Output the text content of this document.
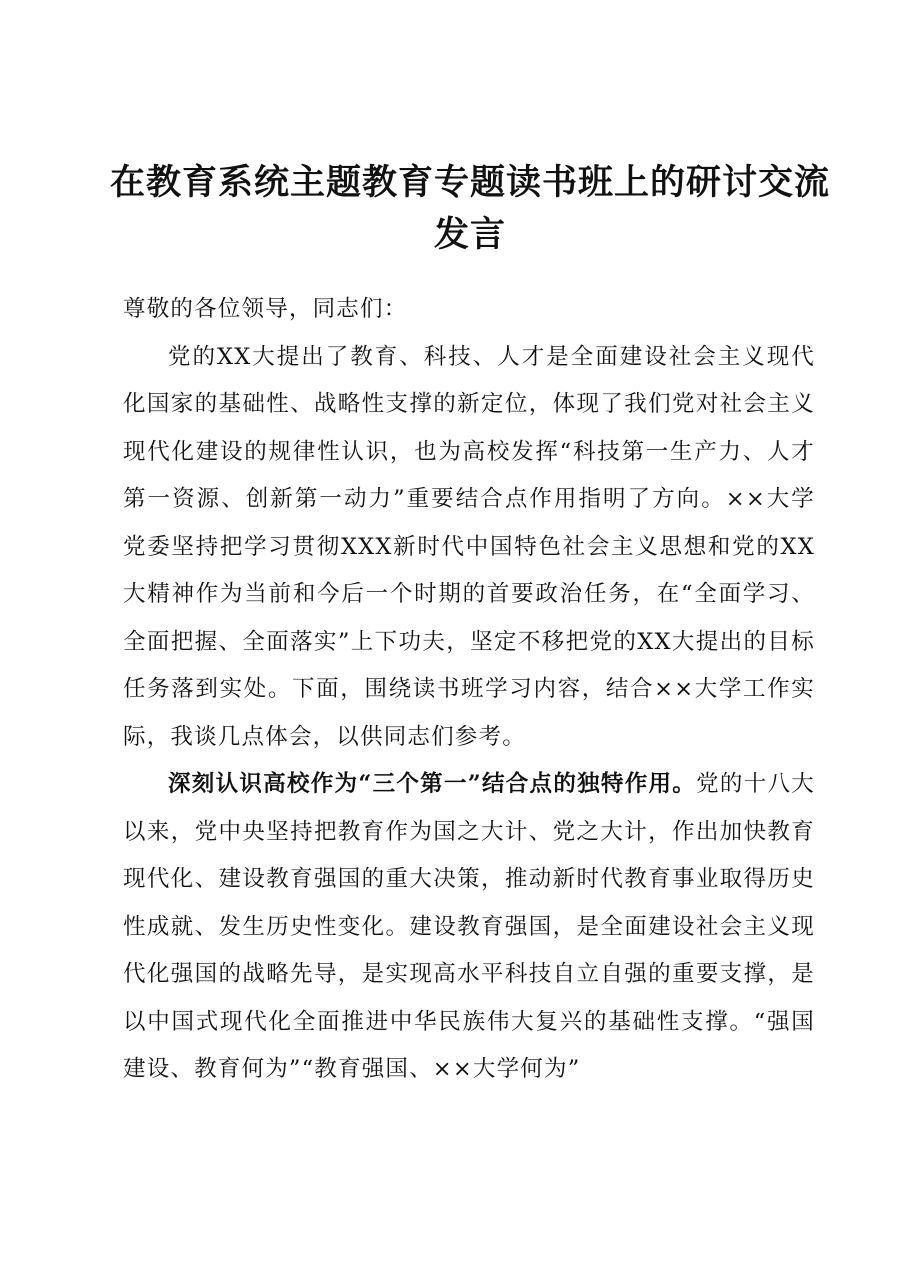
在教育系统主题教育专题读书班上的研讨交流发言

尊敬的各位领导，同志们：

党的XX大提出了教育、科技、人才是全面建设社会主义现代化国家的基础性、战略性支撑的新定位，体现了我们党对社会主义现代化建设的规律性认识，也为高校发挥“科技第一生产力、人才第一资源、创新第一动力”重要结合点作用指明了方向。××大学党委坚持把学习贯彻XXX新时代中国特色社会主义思想和党的XX大精神作为当前和今后一个时期的首要政治任务，在“全面学习、全面把握、全面落实”上下功夫，坚定不移把党的XX大提出的目标任务落到实处。下面，围绕读书班学习内容，结合××大学工作实际，我谈几点体会，以供同志们参考。

深刻认识高校作为“三个第一”结合点的独特作用。党的十八大以来，党中央坚持把教育作为国之大计、党之大计，作出加快教育现代化、建设教育强国的重大决策，推动新时代教育事业取得历史性成就、发生历史性变化。建设教育强国，是全面建设社会主义现代化强国的战略先导，是实现高水平科技自立自强的重要支撑，是以中国式现代化全面推进中华民族伟大复兴的基础性支撑。“强国建设、教育何为”“教育强国、××大学何为”
